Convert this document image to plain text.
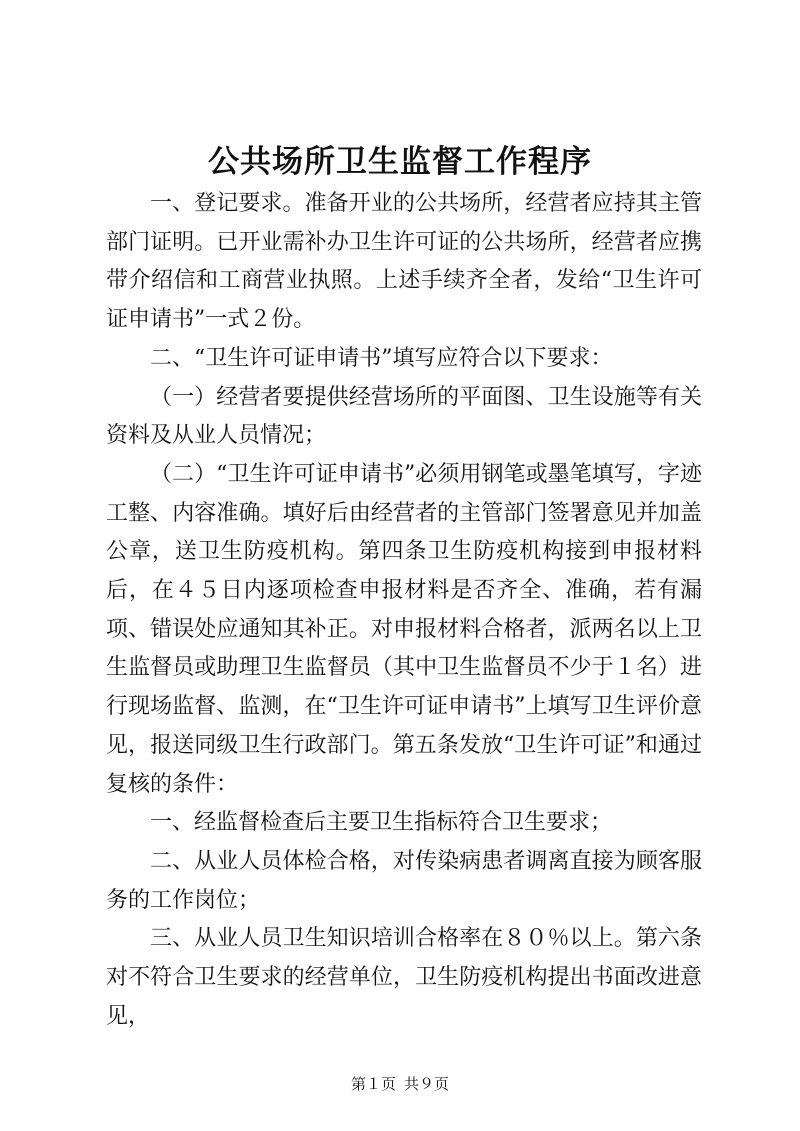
公共场所卫生监督工作程序

一、登记要求。准备开业的公共场所，经营者应持其主管部门证明。已开业需补办卫生许可证的公共场所，经营者应携带介绍信和工商营业执照。上述手续齐全者，发给“卫生许可证申请书”一式２份。

二、“卫生许可证申请书”填写应符合以下要求：

（一）经营者要提供经营场所的平面图、卫生设施等有关资料及从业人员情况；

（二）“卫生许可证申请书”必须用钢笔或墨笔填写，字迹工整、内容准确。填好后由经营者的主管部门签署意见并加盖公章，送卫生防疫机构。第四条卫生防疫机构接到申报材料后，在４５日内逐项检查申报材料是否齐全、准确，若有漏项、错误处应通知其补正。对申报材料合格者，派两名以上卫生监督员或助理卫生监督员（其中卫生监督员不少于１名）进行现场监督、监测，在“卫生许可证申请书”上填写卫生评价意见，报送同级卫生行政部门。第五条发放“卫生许可证”和通过复核的条件：

一、经监督检查后主要卫生指标符合卫生要求；

二、从业人员体检合格，对传染病患者调离直接为顾客服务的工作岗位；

三、从业人员卫生知识培训合格率在８０％以上。第六条对不符合卫生要求的经营单位，卫生防疫机构提出书面改进意见，

第１页 共９页
